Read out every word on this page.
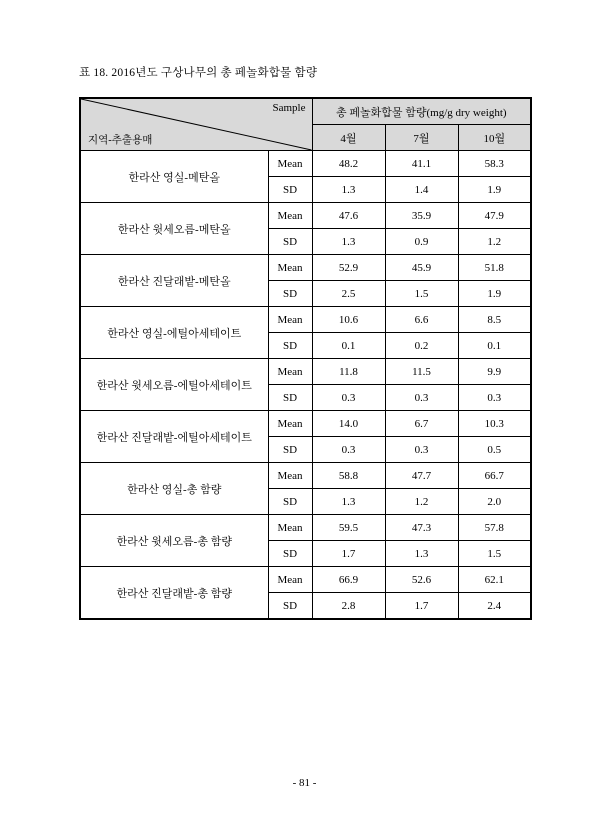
표 18. 2016년도 구상나무의 총 페놀화합물 함량
Sample
지역-추출용매		총 페놀화합물 함량(mg/g dry weight)		
		4월	7월	10월
한라산 영실-메탄올	Mean	48.2	41.1	58.3
	SD	1.3	1.4	1.9
한라산 윗세오름-메탄올	Mean	47.6	35.9	47.9
	SD	1.3	0.9	1.2
한라산 진달래밭-메탄올	Mean	52.9	45.9	51.8
	SD	2.5	1.5	1.9
한라산 영실-에틸아세테이트	Mean	10.6	6.6	8.5
	SD	0.1	0.2	0.1
한라산 윗세오름-에틸아세테이트	Mean	11.8	11.5	9.9
	SD	0.3	0.3	0.3
한라산 진달래밭-에틸아세테이트	Mean	14.0	6.7	10.3
	SD	0.3	0.3	0.5
한라산 영실-총 함량	Mean	58.8	47.7	66.7
	SD	1.3	1.2	2.0
한라산 윗세오름-총 함량	Mean	59.5	47.3	57.8
	SD	1.7	1.3	1.5
한라산 진달래밭-총 함량	Mean	66.9	52.6	62.1
	SD	2.8	1.7	2.4
- 81 -
